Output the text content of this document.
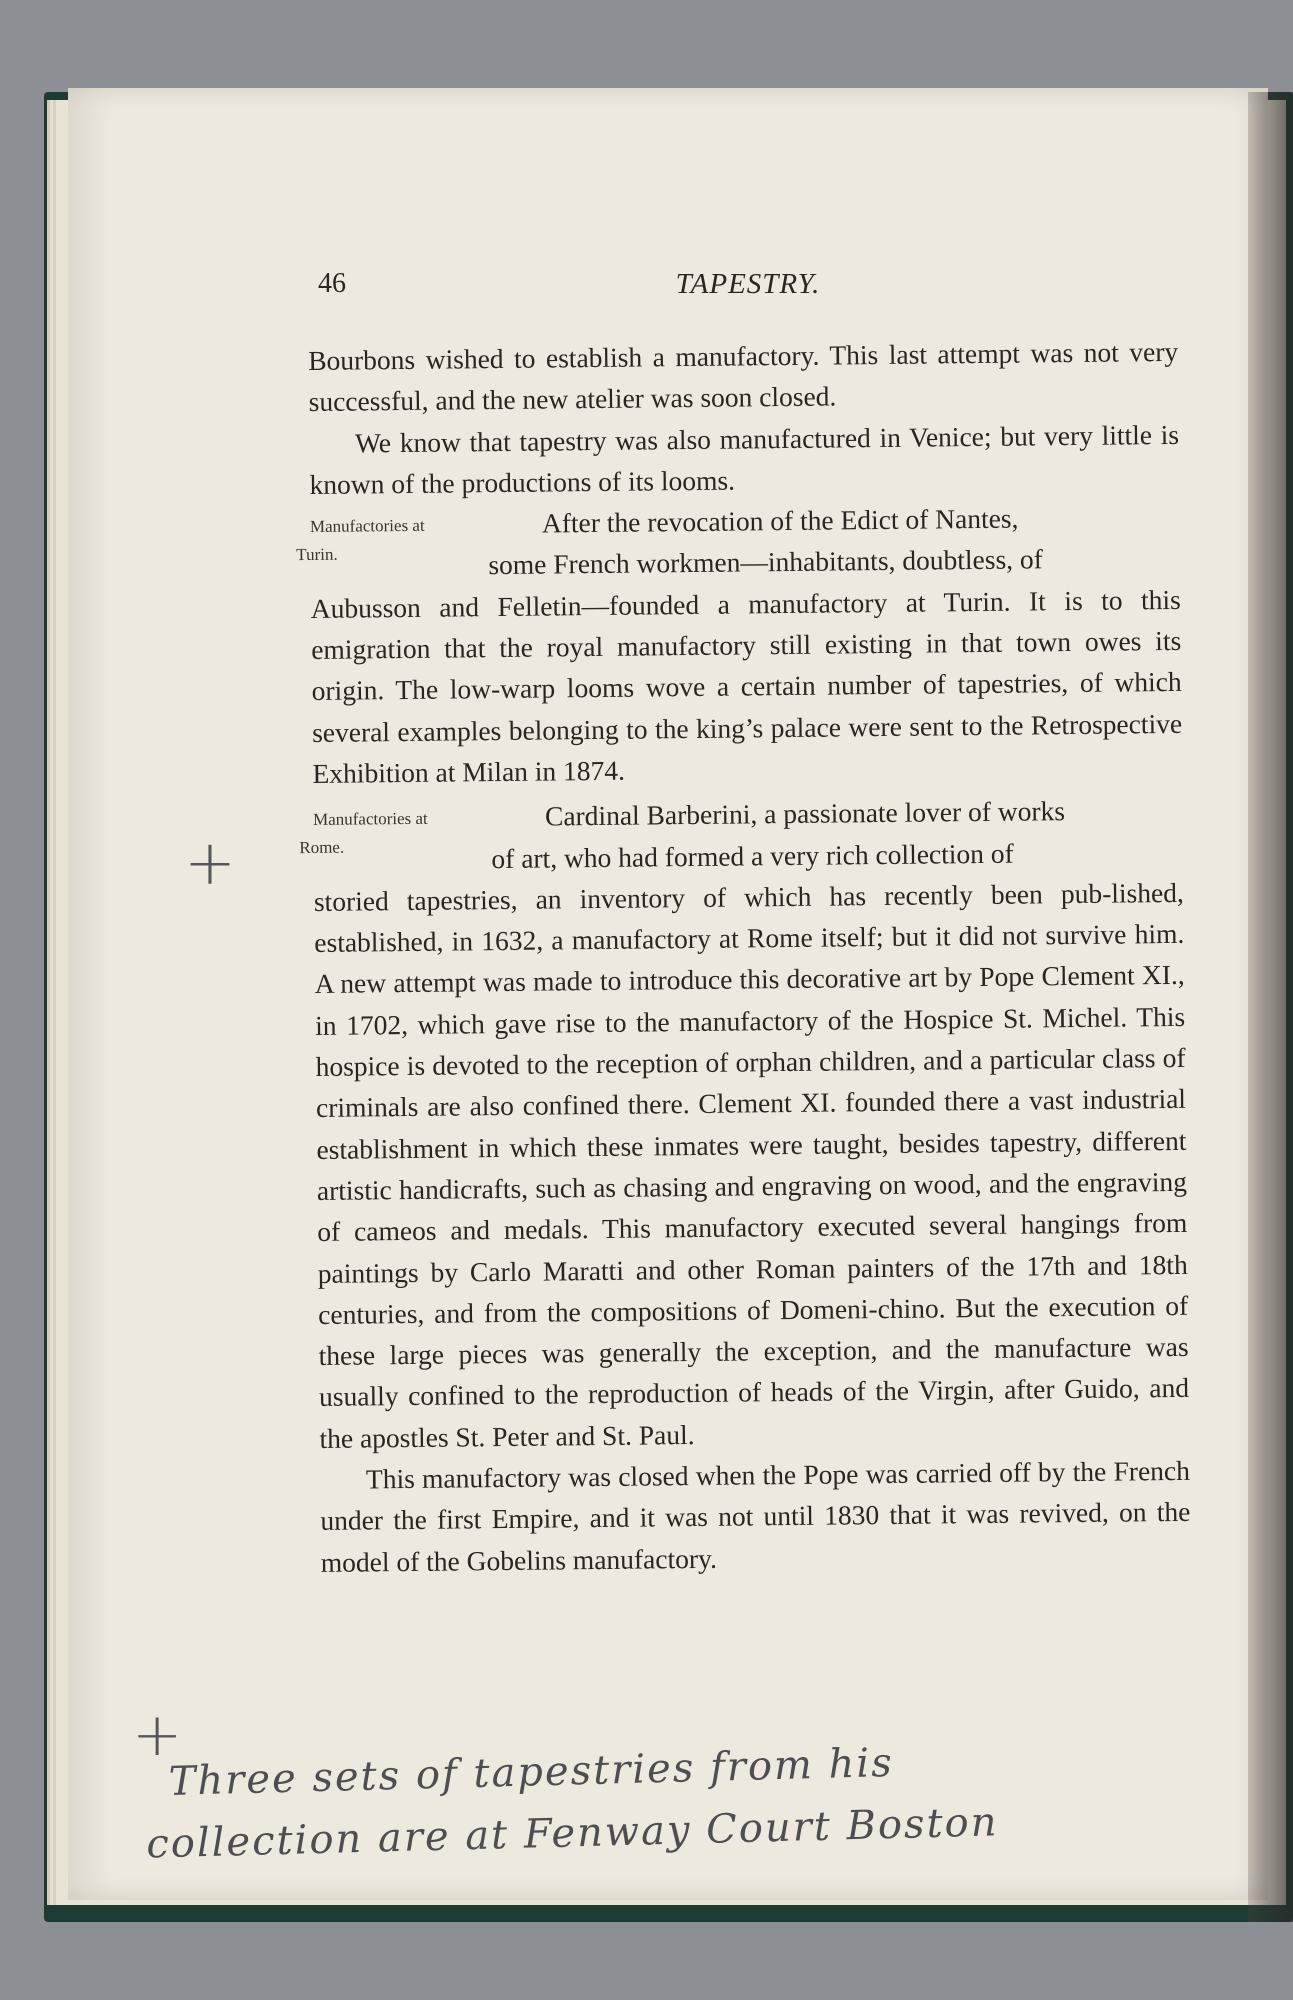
46	TAPESTRY.

Bourbons wished to establish a manufactory. This last attempt was not very successful, and the new atelier was soon closed.

We know that tapestry was also manufactured in Venice; but very little is known of the productions of its looms.

Manufactories at
Turin.

After the revocation of the Edict of Nantes,

some French workmen—inhabitants, doubtless, of

Aubusson and Felletin—founded a manufactory at Turin. It is to this emigration that the royal manufactory still existing in that town owes its origin. The low-warp looms wove a certain number of tapestries, of which several examples belonging to the king’s palace were sent to the Retrospective Exhibition at Milan in 1874.

Manufactories at
Rome.

Cardinal Barberini, a passionate lover of works

of art, who had formed a very rich collection of

storied tapestries, an inventory of which has recently been pub-lished, established, in 1632, a manufactory at Rome itself; but it did not survive him. A new attempt was made to introduce this decorative art by Pope Clement XI., in 1702, which gave rise to the manufactory of the Hospice St. Michel. This hospice is devoted to the reception of orphan children, and a particular class of criminals are also confined there. Clement XI. founded there a vast industrial establishment in which these inmates were taught, besides tapestry, different artistic handicrafts, such as chasing and engraving on wood, and the engraving of cameos and medals. This manufactory executed several hangings from paintings by Carlo Maratti and other Roman painters of the 17th and 18th centuries, and from the compositions of Domeni-chino. But the execution of these large pieces was generally the exception, and the manufacture was usually confined to the reproduction of heads of the Virgin, after Guido, and the apostles St. Peter and St. Paul.

This manufactory was closed when the Pope was carried off by the French under the first Empire, and it was not until 1830 that it was revived, on the model of the Gobelins manufactory.

+
+
Three sets of tapestries from his
collection are at Fenway Court Boston
